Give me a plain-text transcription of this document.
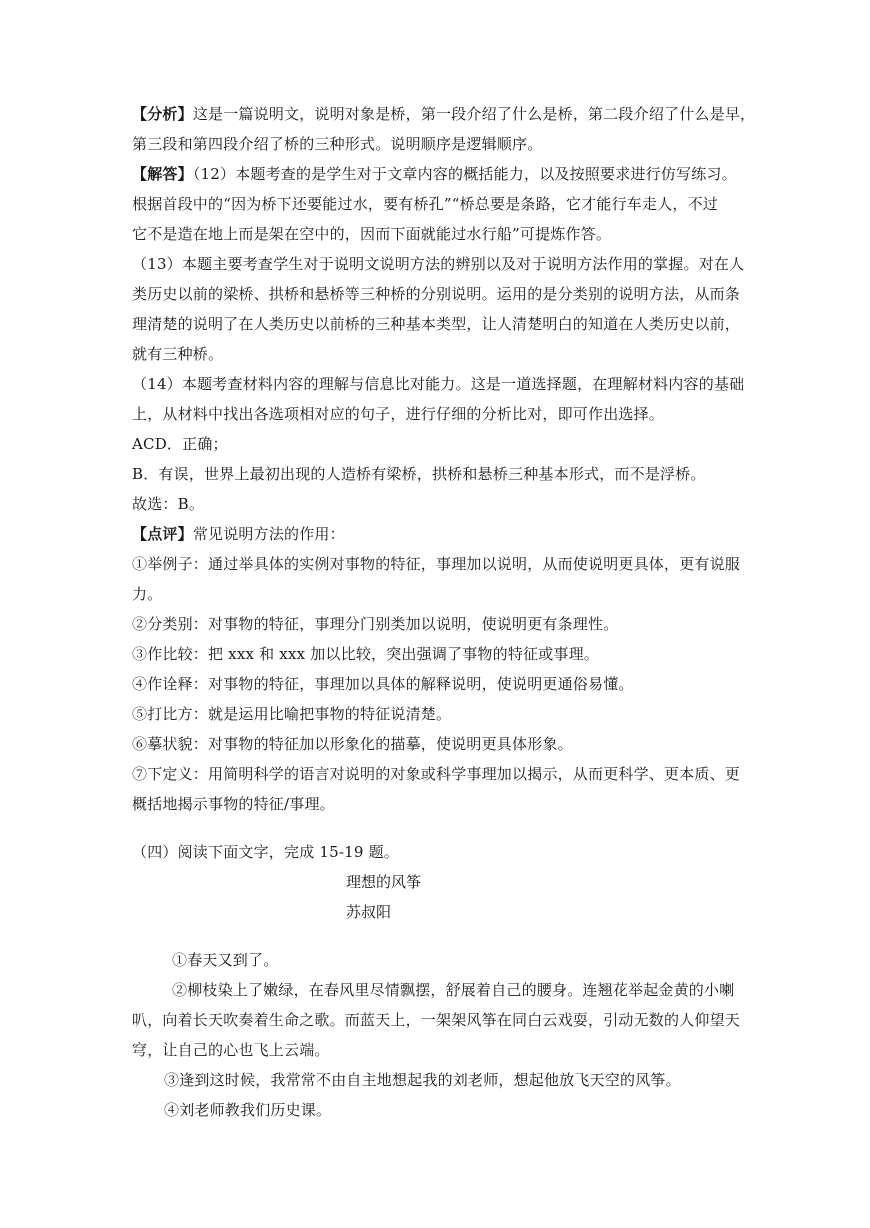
【分析】这是一篇说明文，说明对象是桥，第一段介绍了什么是桥，第二段介绍了什么是早，
第三段和第四段介绍了桥的三种形式。说明顺序是逻辑顺序。
【解答】（12）本题考查的是学生对于文章内容的概括能力，以及按照要求进行仿写练习。
根据首段中的“因为桥下还要能过水，要有桥孔”“桥总要是条路，它才能行车走人，不过
它不是造在地上而是架在空中的，因而下面就能过水行船”可提炼作答。
（13）本题主要考查学生对于说明文说明方法的辨别以及对于说明方法作用的掌握。对在人
类历史以前的梁桥、拱桥和悬桥等三种桥的分别说明。运用的是分类别的说明方法，从而条
理清楚的说明了在人类历史以前桥的三种基本类型，让人清楚明白的知道在人类历史以前，
就有三种桥。
（14）本题考查材料内容的理解与信息比对能力。这是一道选择题，在理解材料内容的基础
上，从材料中找出各选项相对应的句子，进行仔细的分析比对，即可作出选择。
ACD．正确；
B．有误，世界上最初出现的人造桥有梁桥，拱桥和悬桥三种基本形式，而不是浮桥。
故选：B。
【点评】常见说明方法的作用：
①举例子：通过举具体的实例对事物的特征，事理加以说明，从而使说明更具体，更有说服
力。
②分类别：对事物的特征，事理分门别类加以说明，使说明更有条理性。
③作比较：把 xxx 和 xxx 加以比较，突出强调了事物的特征或事理。
④作诠释：对事物的特征，事理加以具体的解释说明，使说明更通俗易懂。
⑤打比方：就是运用比喻把事物的特征说清楚。
⑥摹状貌：对事物的特征加以形象化的描摹，使说明更具体形象。
⑦下定义：用简明科学的语言对说明的对象或科学事理加以揭示，从而更科学、更本质、更
概括地揭示事物的特征/事理。
（四）阅读下面文字，完成 15-19 题。
理想的风筝
苏叔阳
①春天又到了。
②柳枝染上了嫩绿，在春风里尽情飘摆，舒展着自己的腰身。连翘花举起金黄的小喇
叭，向着长天吹奏着生命之歌。而蓝天上，一架架风筝在同白云戏耍，引动无数的人仰望天
穹，让自己的心也飞上云端。
③逢到这时候，我常常不由自主地想起我的刘老师，想起他放飞天空的风筝。
④刘老师教我们历史课。
